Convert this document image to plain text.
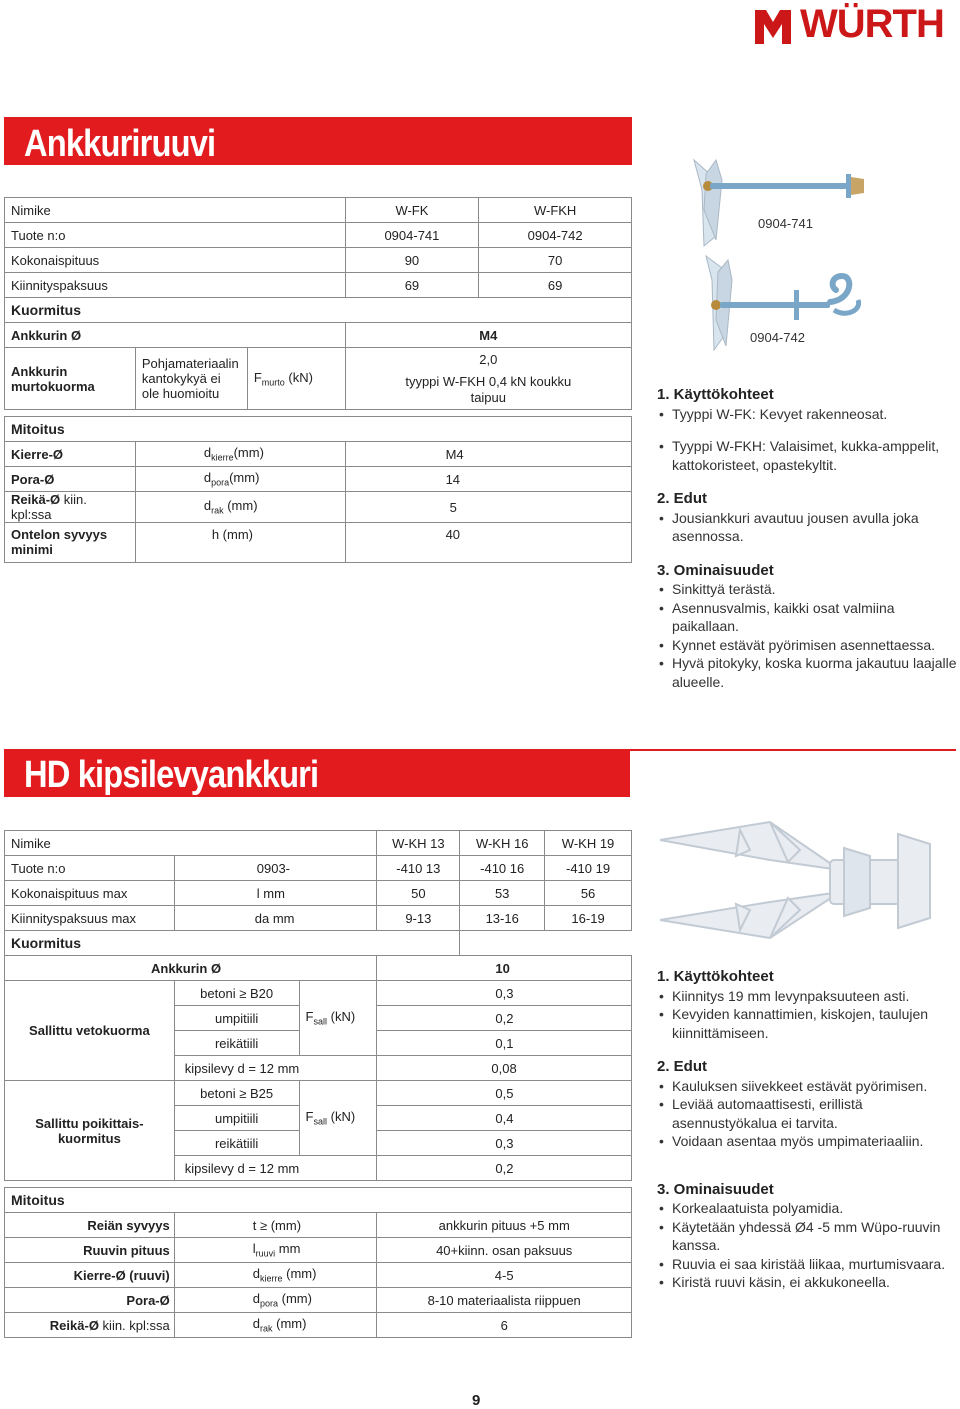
WÜRTH
Ankkuriruuvi
Nimike			W-FK	W-FKH
Tuote n:o			0904-741	0904-742
Kokonaispituus			90	70
Kiinnityspaksuus			69	69
Kuormitus				
Ankkurin Ø			M4	
Ankkurin murtokuorma	Pohjamateriaalin kantokykyä ei ole huomioitu	$F_{murto}$ (kN)	2,0
tyyppi W-FKH 0,4 kN koukku taipuu	

Mitoitus				
Kierre-Ø	$d_{kierre}(mm)$		M4	
Pora-Ø	$d_{pora}(mm)$		14	
Reikä-Ø kiin. kpl:ssa	$d_{rak}$ (mm)		5	
Ontelon syvyys minimi	h (mm)		40	
0904-741
0904-742
1. Käyttökohteet
• Tyyppi W-FK: Kevyet rakenneosat.
• Tyyppi W-FKH: Valaisimet, kukka-amppelit, kattokoristeet, opastekyltit.
2. Edut
• Jousiankkuri avautuu jousen avulla joka asennossa.
3. Ominaisuudet
• Sinkittyä terästä.
• Asennusvalmis, kaikki osat valmiina paikallaan.
• Kynnet estävät pyörimisen asennettaessa.
• Hyvä pitokyky, koska kuorma jakautuu laajalle alueelle.
HD kipsilevyankkuri
Nimike			W-KH 13	W-KH 16	W-KH 19
Tuote n:o	0903-		-410 13	-410 16	-410 19
Kokonaispituus max	l mm		50	53	56
Kiinnityspaksuus max	da mm		9-13	13-16	16-19
Kuormitus					
Ankkurin Ø			10		
Sallittu vetokuorma	betoni ≥ B20	$F_{sall}$ (kN)	0,3		
	umpitiili		0,2		
	reikätiili		0,1		
	kipsilevy d = 12 mm		0,08		
Sallittu poikittais-kuormitus	betoni ≥ B25	$F_{sall}$ (kN)	0,5		
	umpitiili		0,4		
	reikätiili		0,3		
	kipsilevy d = 12 mm		0,2		

Mitoitus					
Reiän syvyys	t ≥ (mm)		ankkurin pituus +5 mm		
Ruuvin pituus	$l_{ruuvi}$ mm		40+kiinn. osan paksuus		
Kierre-Ø (ruuvi)	$d_{kierre}$ (mm)		4-5		
Pora-Ø	$d_{pora}$ (mm)		8-10 materiaalista riippuen		
Reikä-Ø kiin. kpl:ssa	$d_{rak}$ (mm)		6		
1. Käyttökohteet
• Kiinnitys 19 mm levynpaksuuteen asti.
• Kevyiden kannattimien, kiskojen, taulujen kiinnittämiseen.
2. Edut
• Kauluksen siivekkeet estävät pyörimisen.
• Leviää automaattisesti, erillistä asennustyökalua ei tarvita.
• Voidaan asentaa myös umpimateriaaliin.
3. Ominaisuudet
• Korkealaatuista polyamidia.
• Käytetään yhdessä Ø4 -5 mm Wüpo-ruuvin kanssa.
• Ruuvia ei saa kiristää liikaa, murtumisvaara.
• Kiristä ruuvi käsin, ei akkukoneella.
9
